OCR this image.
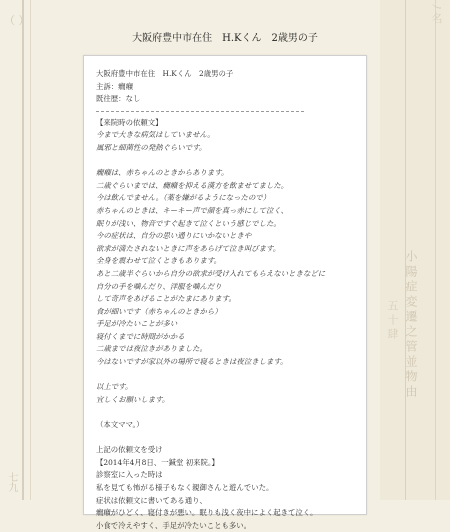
（ ）	ﾉ名
小陽症変遷之管並物由
五十肆
七九
大阪府豊中市在住　H.Kくん　2歳男の子

大阪府豊中市在住　H.Kくん　2歳男の子

主訴：癇癪

既往歴：なし

【来院時の依頼文】

今まで大きな病気はしていません。

風邪と細菌性の発熱ぐらいです。

癇癪は、赤ちゃんのときからあります。

二歳ぐらいまでは、癇癪を抑える漢方を飲ませてました。

今は飲んでません。（薬を嫌がるようになったので）

赤ちゃんのときは、キーキー声で顔を真っ赤にして泣く、

眠りが浅い、物音ですぐ起きて泣くという感じでした。

今の症状は、自分の思い通りにいかないときや

欲求が満たされないときに声をあらげて泣き叫びます。

全身を震わせて泣くときもあります。

あと二歳半ぐらいから自分の欲求が受け入れてもらえないときなどに

自分の手を噛んだり、洋服を噛んだり

して奇声をあげることがたまにあります。

食が細いです（赤ちゃんのときから）

手足が冷たいことが多い

寝付くまでに時間がかかる

二歳までは夜泣きがありました。

今はないですが家以外の場所で寝るときは夜泣きします。

以上です。

宜しくお願いします。

（本文ママ。）

上記の依頼文を受け

【2014年4月8日、一鍼堂 初来院。】

診察室に入った時は

私を見ても怖がる様子もなく親御さんと遊んでいた。

症状は依頼文に書いてある通り、

癇癪がひどく、寝付きが悪い。眠りも浅く夜中によく起きて泣く。

小食で冷えやすく、手足が冷たいことも多い。
